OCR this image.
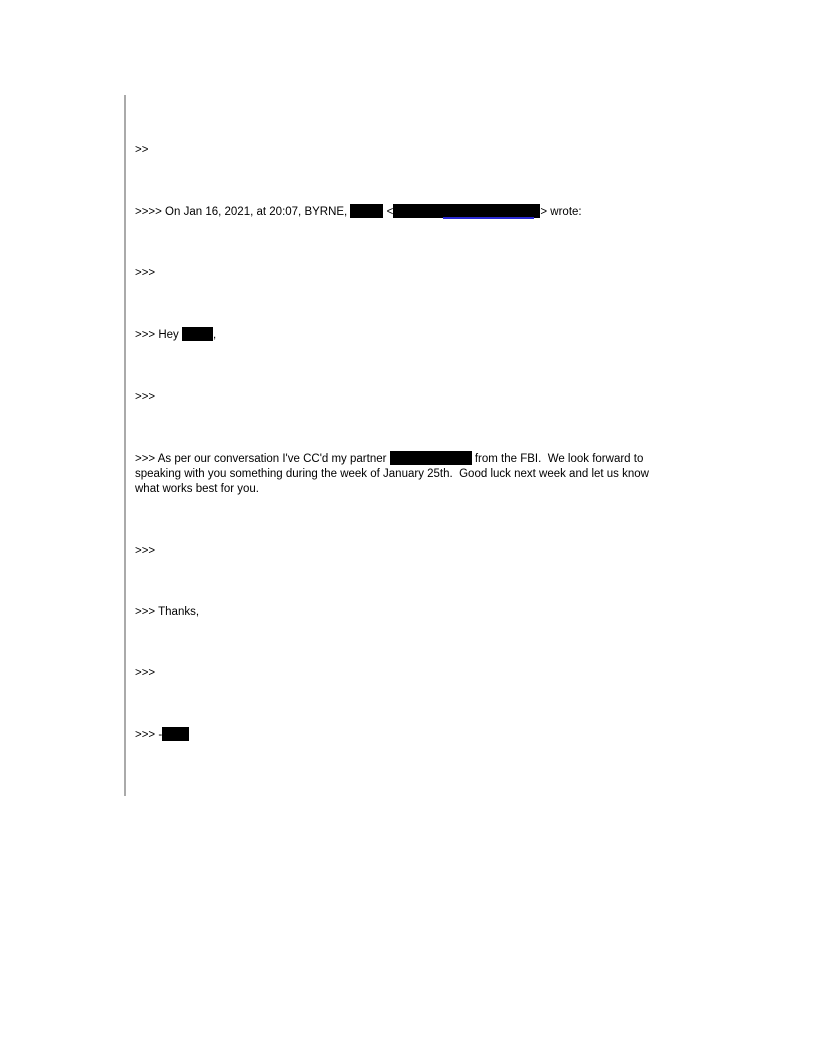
>>

>>>> On Jan 16, 2021, at 20:07, BYRNE,	<	> wrote:

>>>

>>> Hey	,

>>>

>>> As per our conversation I've CC'd my partner	from the FBI.  We look forward to speaking with you something during the week of January 25th.  Good luck next week and let us know what works best for you.

>>>

>>> Thanks,

>>>

>>> -
